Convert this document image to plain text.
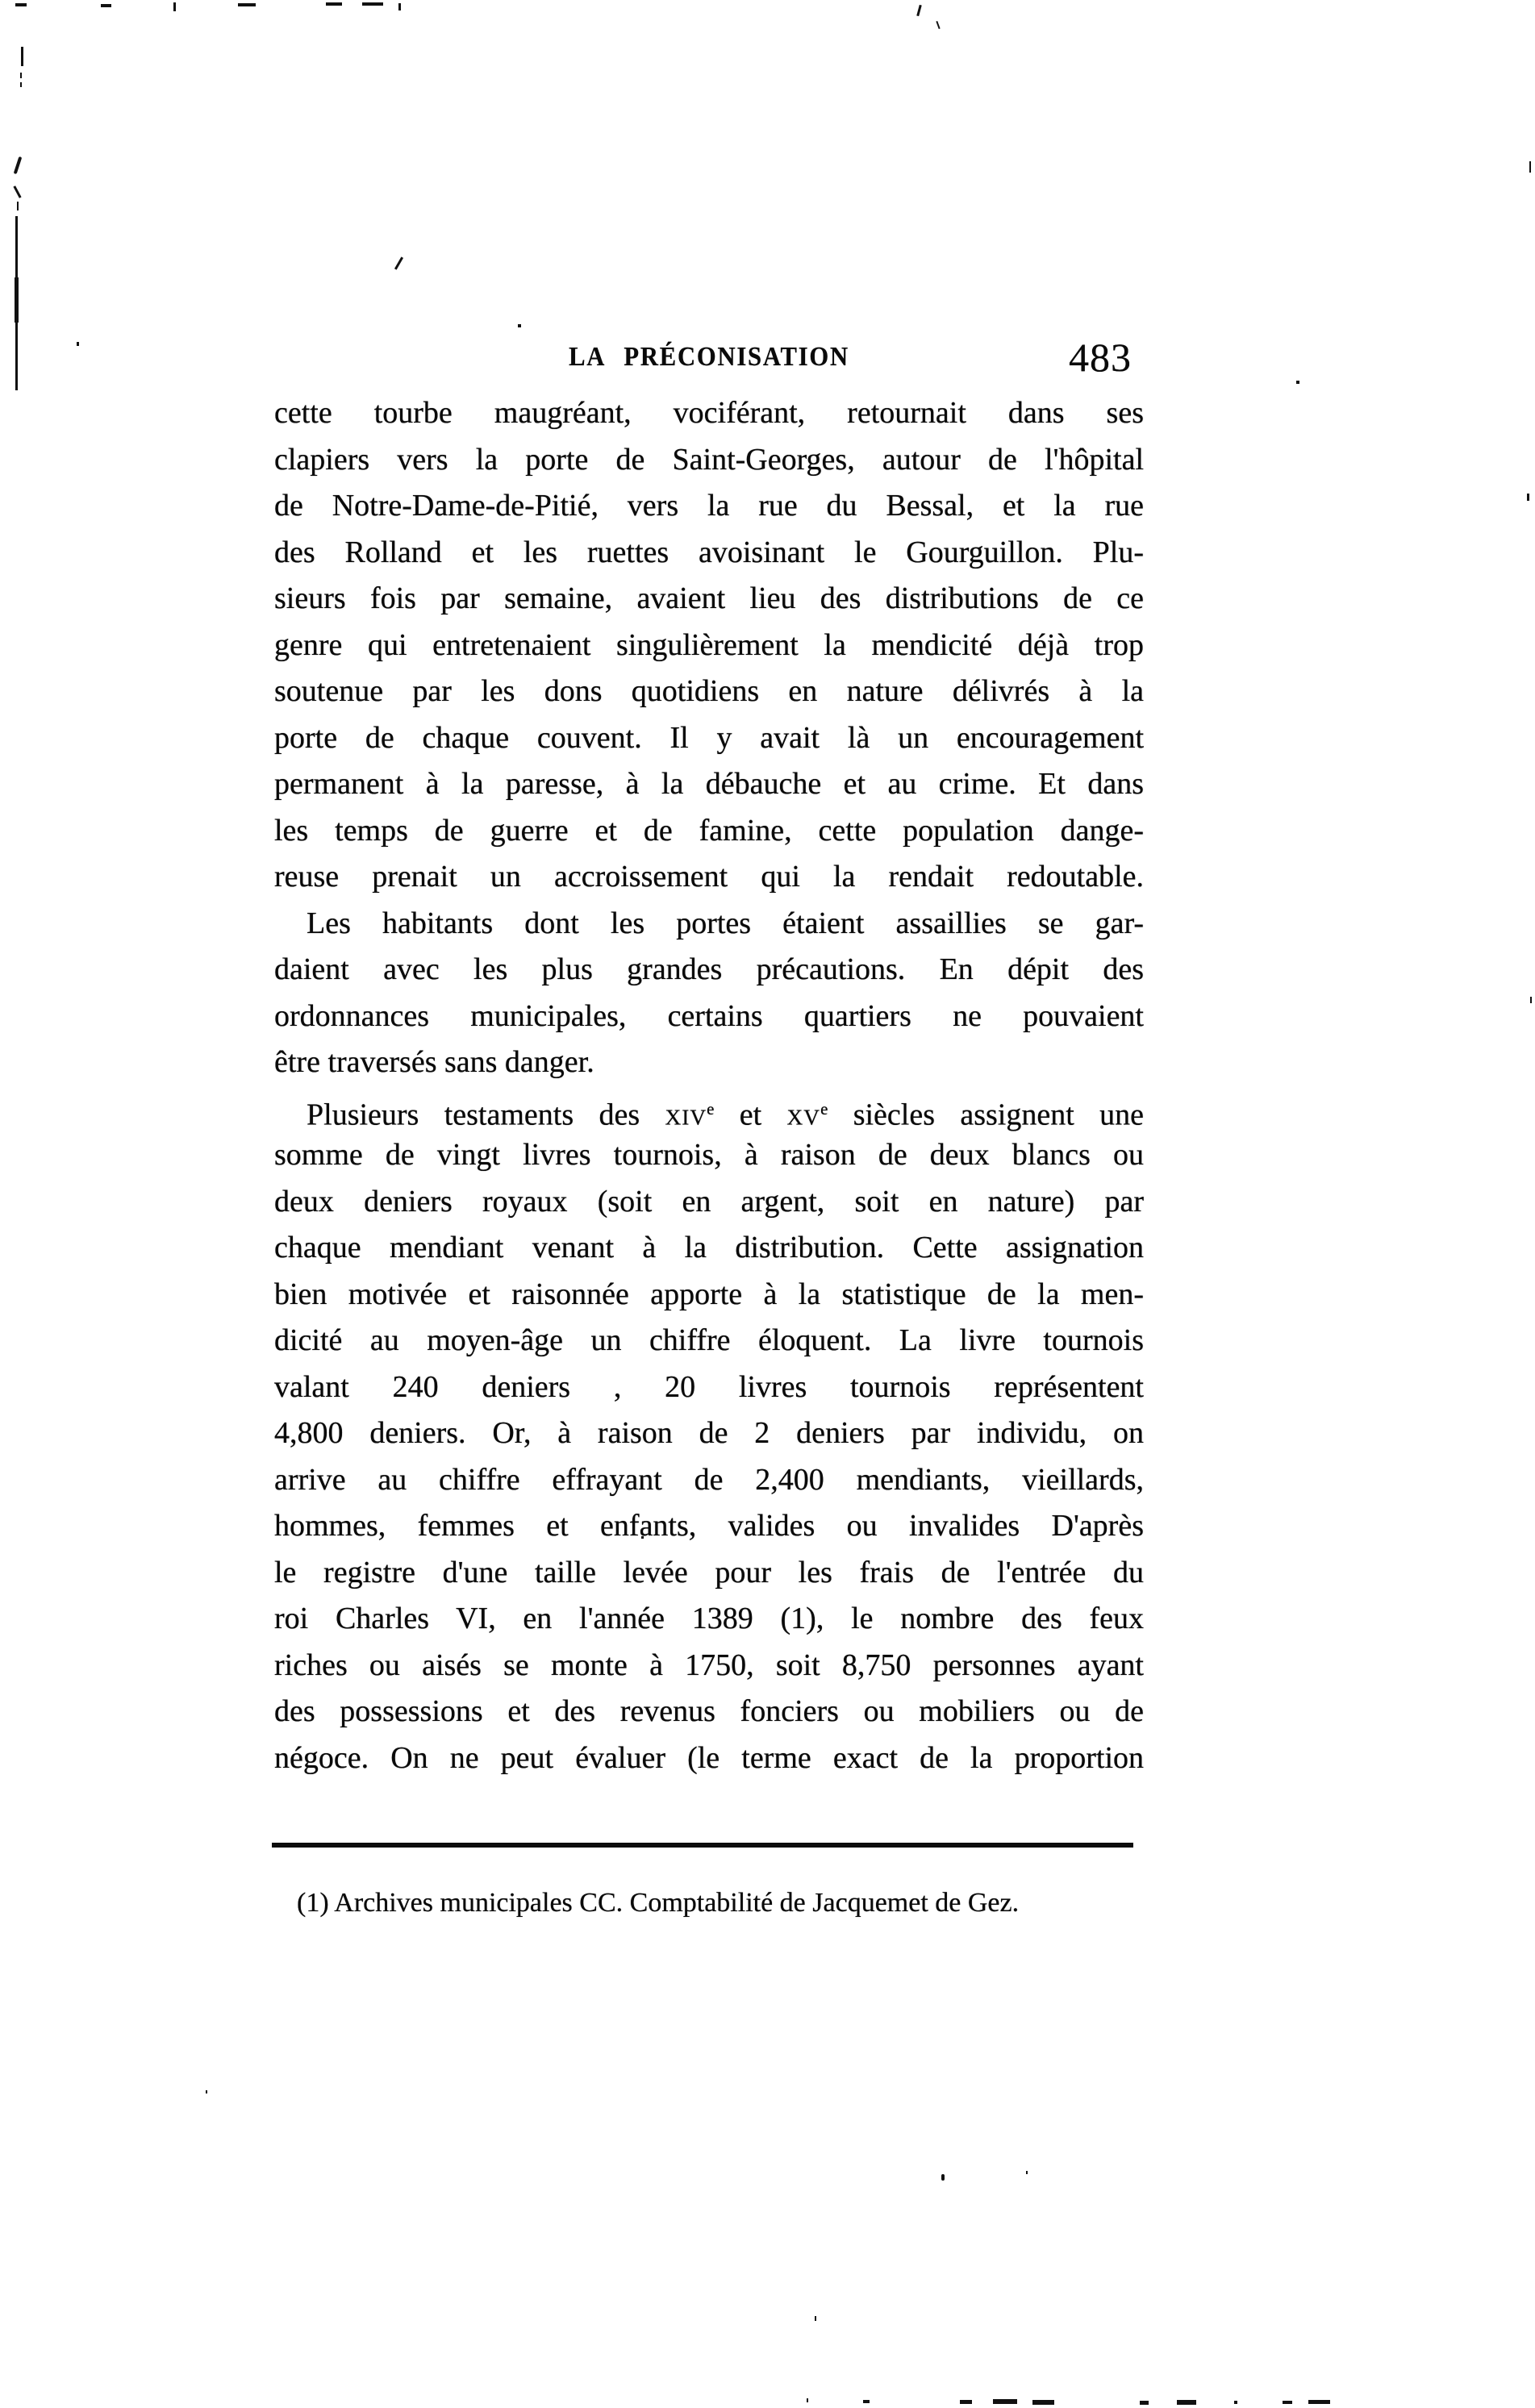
LA PRÉCONISATION	483
cette tourbe maugréant, vociférant, retournait dans ses
clapiers vers la porte de Saint-Georges, autour de l'hôpital
de Notre-Dame-de-Pitié, vers la rue du Bessal, et la rue
des Rolland et les ruettes avoisinant le Gourguillon. Plu-
sieurs fois par semaine, avaient lieu des distributions de ce
genre qui entretenaient singulièrement la mendicité déjà trop
soutenue par les dons quotidiens en nature délivrés à la
porte de chaque couvent. Il y avait là un encouragement
permanent à la paresse, à la débauche et au crime. Et dans
les temps de guerre et de famine, cette population dange-
reuse prenait un accroissement qui la rendait redoutable.
Les habitants dont les portes étaient assaillies se gar-
daient avec les plus grandes précautions. En dépit des
ordonnances municipales, certains quartiers ne pouvaient
être traversés sans danger.
Plusieurs testaments des XIVe et XVe siècles assignent une
somme de vingt livres tournois, à raison de deux blancs ou
deux deniers royaux (soit en argent, soit en nature) par
chaque mendiant venant à la distribution. Cette assignation
bien motivée et raisonnée apporte à la statistique de la men-
dicité au moyen-âge un chiffre éloquent. La livre tournois
valant 240 deniers , 20 livres tournois représentent
4,800 deniers. Or, à raison de 2 deniers par individu, on
arrive au chiffre effrayant de 2,400 mendiants, vieillards,
hommes, femmes et enfants, valides ou invalides D'après
le registre d'une taille levée pour les frais de l'entrée du
roi Charles VI, en l'année 1389 (1), le nombre des feux
riches ou aisés se monte à 1750, soit 8,750 personnes ayant
des possessions et des revenus fonciers ou mobiliers ou de
négoce. On ne peut évaluer (le terme exact de la proportion
(1) Archives municipales CC. Comptabilité de Jacquemet de Gez.
